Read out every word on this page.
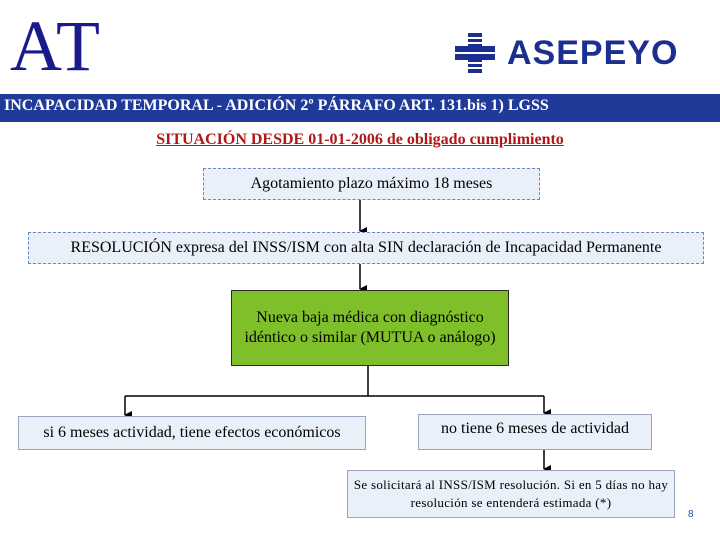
AT	ASEPEYO
INCAPACIDAD TEMPORAL - ADICIÓN 2º PÁRRAFO ART. 131.bis 1) LGSS
SITUACIÓN DESDE 01-01-2006 de obligado cumplimiento
Agotamiento plazo máximo 18 meses
RESOLUCIÓN expresa del INSS/ISM con alta SIN declaración de Incapacidad Permanente
Nueva baja médica con diagnóstico idéntico o similar (MUTUA o análogo)
si 6 meses actividad, tiene efectos económicos	no tiene 6 meses de actividad
Se solicitará al INSS/ISM resolución. Si en 5 días no hay resolución se entenderá estimada (*)
8
